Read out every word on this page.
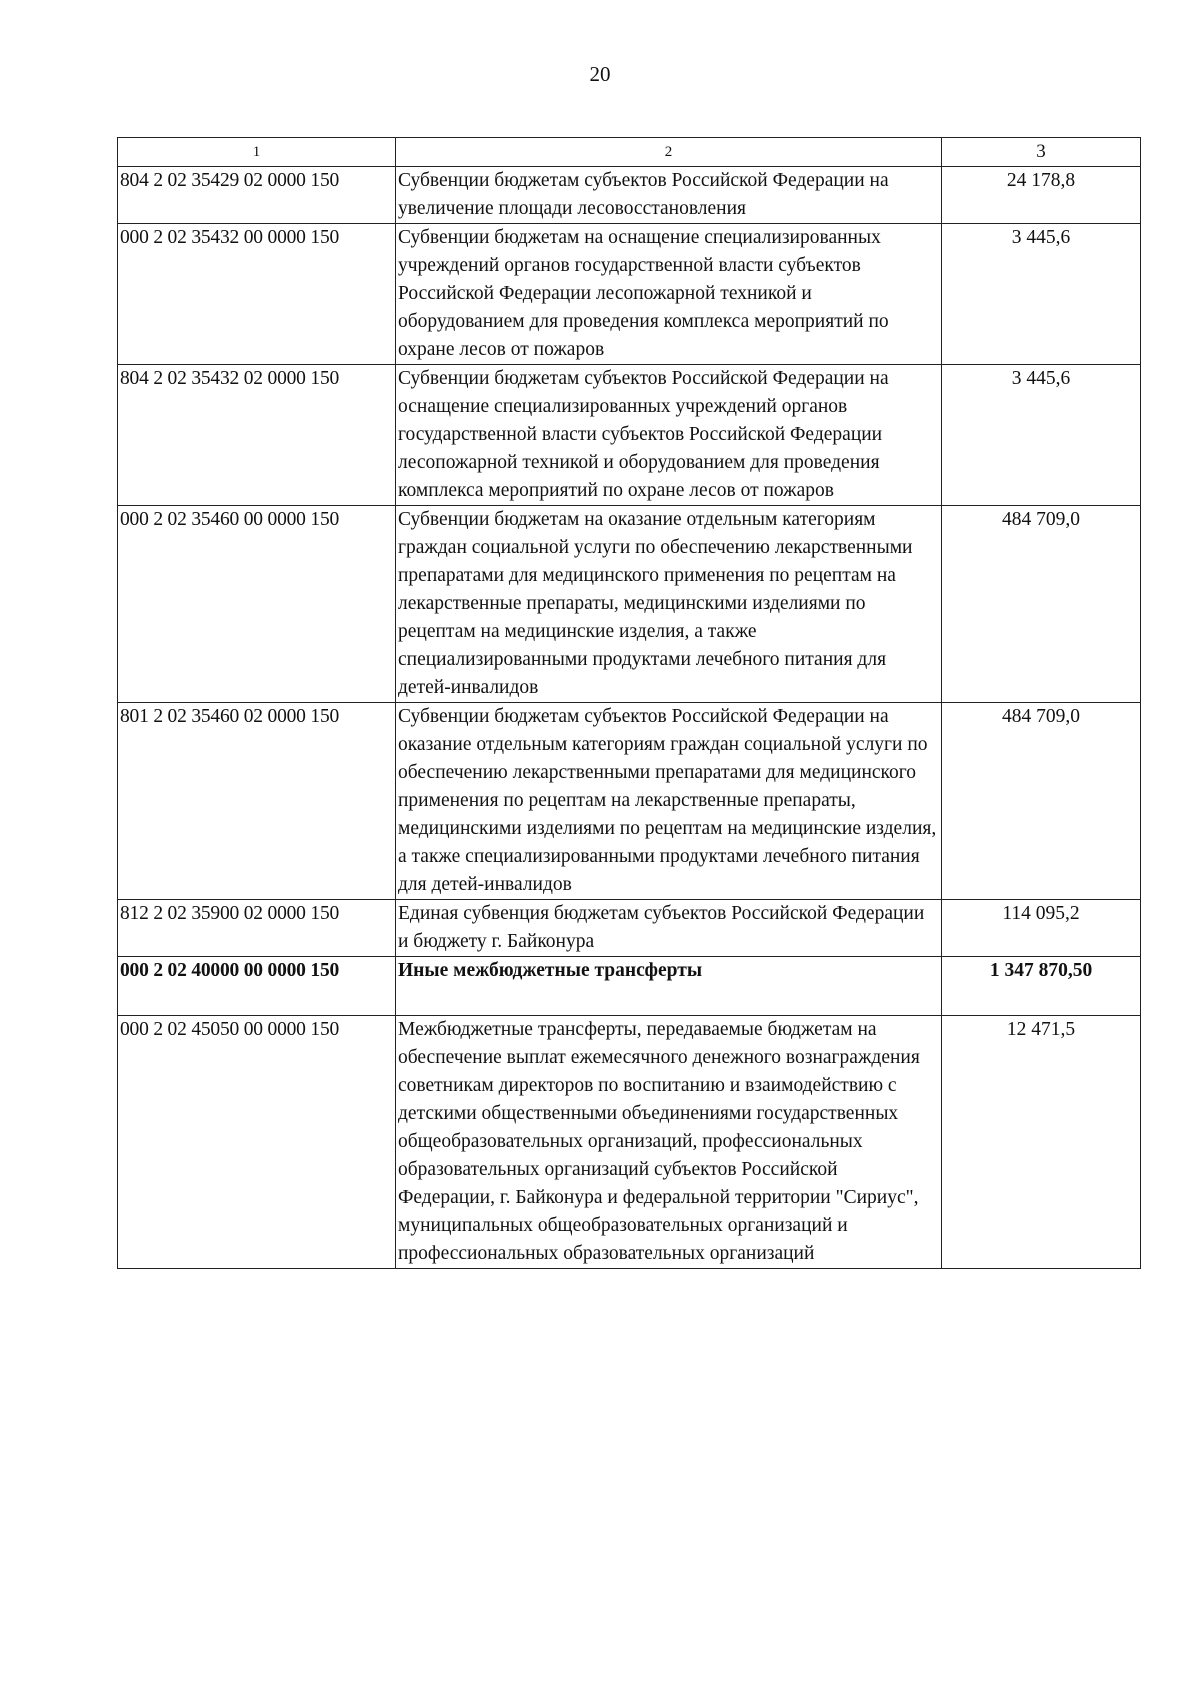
20
1	2	3
804 2 02 35429 02 0000 150	Субвенции бюджетам субъектов Российской Федерации на увеличение площади лесовосстановления	24 178,8
000 2 02 35432 00 0000 150	Субвенции бюджетам на оснащение специализированных учреждений органов государственной власти субъектов Российской Федерации лесопожарной техникой и оборудованием для проведения комплекса мероприятий по охране лесов от пожаров	3 445,6
804 2 02 35432 02 0000 150	Субвенции бюджетам субъектов Российской Федерации на оснащение специализированных учреждений органов государственной власти субъектов Российской Федерации лесопожарной техникой и оборудованием для проведения комплекса мероприятий по охране лесов от пожаров	3 445,6
000 2 02 35460 00 0000 150	Субвенции бюджетам на оказание отдельным категориям граждан социальной услуги по обеспечению лекарственными препаратами для медицинского применения по рецептам на лекарственные препараты, медицинскими изделиями по рецептам на медицинские изделия, а также специализированными продуктами лечебного питания для детей-инвалидов	484 709,0
801 2 02 35460 02 0000 150	Субвенции бюджетам субъектов Российской Федерации на оказание отдельным категориям граждан социальной услуги по обеспечению лекарственными препаратами для медицинского применения по рецептам на лекарственные препараты, медицинскими изделиями по рецептам на медицинские изделия, а также специализированными продуктами лечебного питания для детей-инвалидов	484 709,0
812 2 02 35900 02 0000 150	Единая субвенция бюджетам субъектов Российской Федерации и бюджету г. Байконура	114 095,2
000 2 02 40000 00 0000 150	Иные межбюджетные трансферты	1 347 870,50
000 2 02 45050 00 0000 150	Межбюджетные трансферты, передаваемые бюджетам на обеспечение выплат ежемесячного денежного вознаграждения советникам директоров по воспитанию и взаимодействию с детскими общественными объединениями государственных общеобразовательных организаций, профессиональных образовательных организаций субъектов Российской Федерации, г. Байконура и федеральной территории "Сириус", муниципальных общеобразовательных организаций и профессиональных образовательных организаций	12 471,5
